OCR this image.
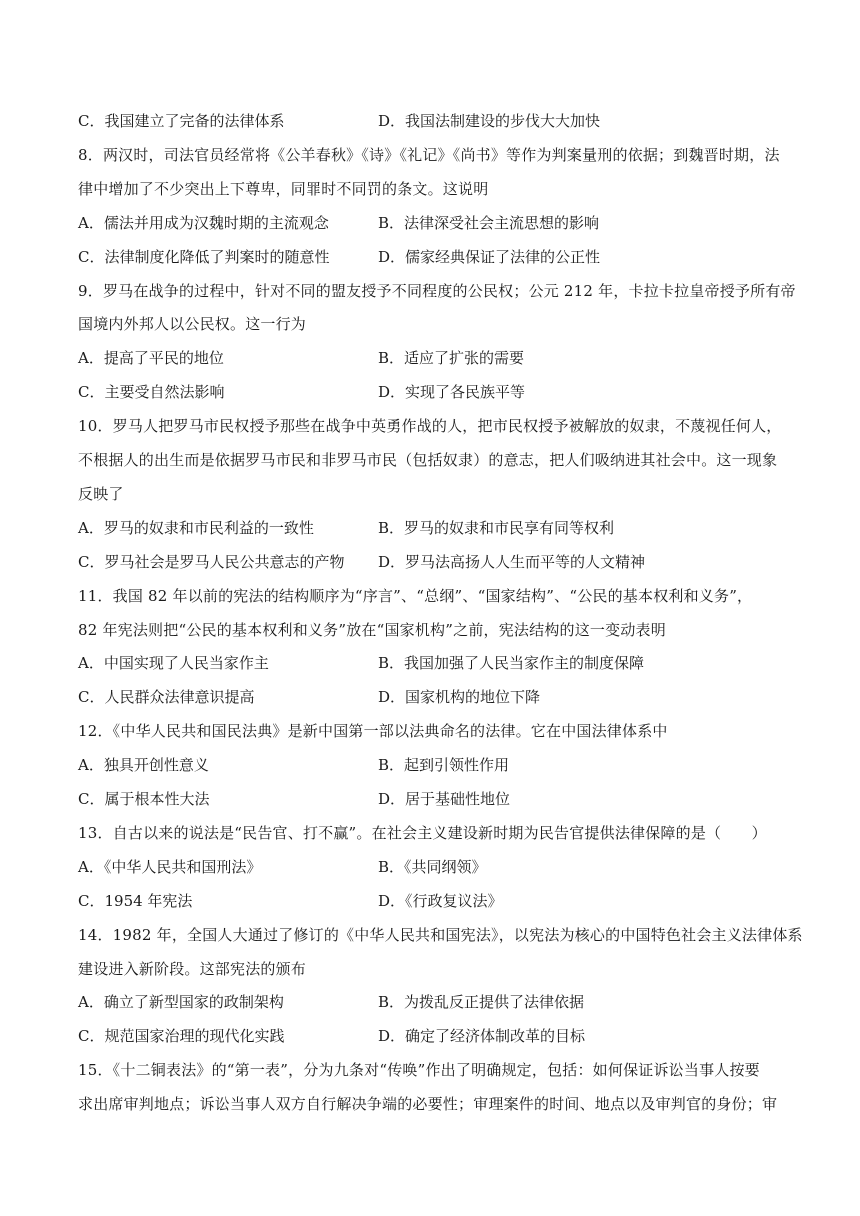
C．我国建立了完备的法律体系	D．我国法制建设的步伐大大加快
8．两汉时，司法官员经常将《公羊春秋》《诗》《礼记》《尚书》等作为判案量刑的依据；到魏晋时期，法
律中增加了不少突出上下尊卑，同罪时不同罚的条文。这说明
A．儒法并用成为汉魏时期的主流观念	B．法律深受社会主流思想的影响
C．法律制度化降低了判案时的随意性	D．儒家经典保证了法律的公正性
9．罗马在战争的过程中，针对不同的盟友授予不同程度的公民权；公元 212 年，卡拉卡拉皇帝授予所有帝
国境内外邦人以公民权。这一行为
A．提高了平民的地位	B．适应了扩张的需要
C．主要受自然法影响	D．实现了各民族平等
10．罗马人把罗马市民权授予那些在战争中英勇作战的人，把市民权授予被解放的奴隶，不蔑视任何人，
不根据人的出生而是依据罗马市民和非罗马市民（包括奴隶）的意志，把人们吸纳进其社会中。这一现象
反映了
A．罗马的奴隶和市民利益的一致性	B．罗马的奴隶和市民享有同等权利
C．罗马社会是罗马人民公共意志的产物 D．罗马法高扬人人生而平等的人文精神
11．我国 82 年以前的宪法的结构顺序为“序言”、“总纲”、“国家结构”、“公民的基本权利和义务”，
82 年宪法则把“公民的基本权利和义务”放在“国家机构”之前，宪法结构的这一变动表明
A．中国实现了人民当家作主	B．我国加强了人民当家作主的制度保障
C．人民群众法律意识提高	D．国家机构的地位下降
12．《中华人民共和国民法典》是新中国第一部以法典命名的法律。它在中国法律体系中
A．独具开创性意义	B．起到引领性作用
C．属于根本性大法	D．居于基础性地位
13．自古以来的说法是“民告官、打不赢”。在社会主义建设新时期为民告官提供法律保障的是（　　）
A．《中华人民共和国刑法》	B．《共同纲领》
C．1954 年宪法	D．《行政复议法》
14．1982 年，全国人大通过了修订的《中华人民共和国宪法》，以宪法为核心的中国特色社会主义法律体系
建设进入新阶段。这部宪法的颁布
A．确立了新型国家的政制架构	B．为拨乱反正提供了法律依据
C．规范国家治理的现代化实践	D．确定了经济体制改革的目标
15．《十二铜表法》的“第一表”，分为九条对“传唤”作出了明确规定，包括：如何保证诉讼当事人按要
求出席审判地点；诉讼当事人双方自行解决争端的必要性；审理案件的时间、地点以及审判官的身份；审
